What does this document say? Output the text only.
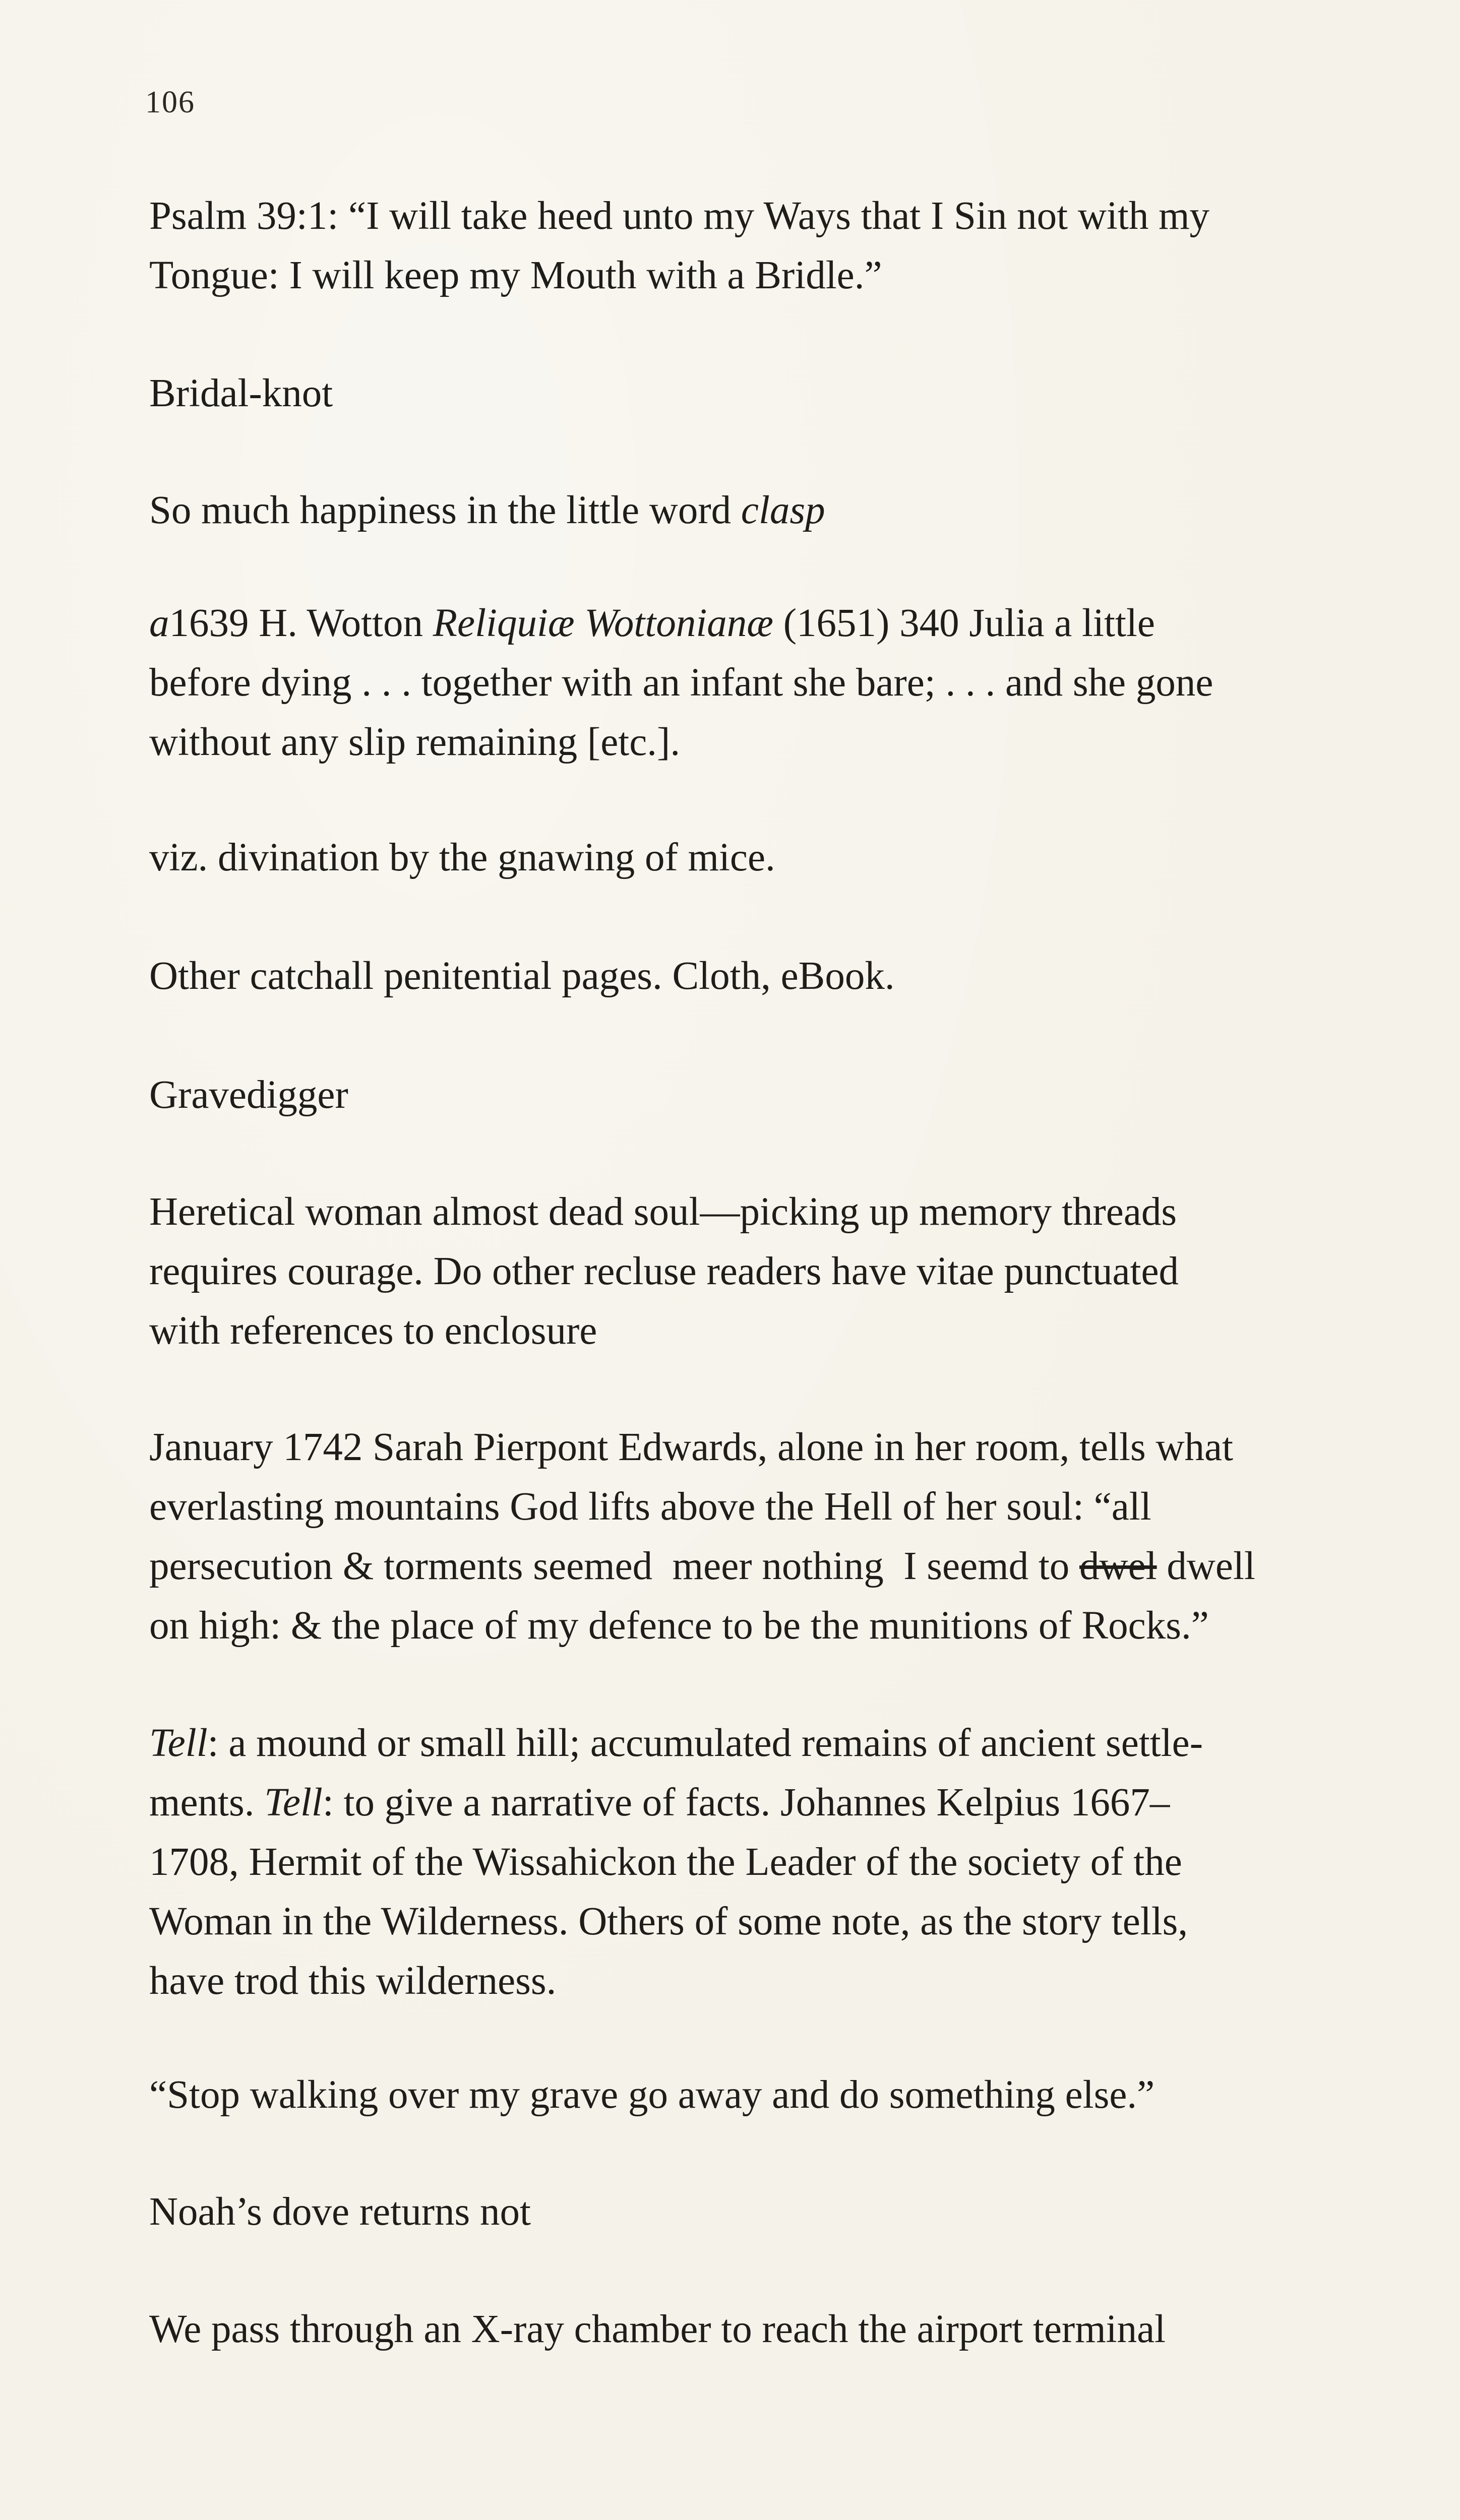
106

Psalm 39:1: “I will take heed unto my Ways that I Sin not with my
Tongue: I will keep my Mouth with a Bridle.”

Bridal-knot

So much happiness in the little word clasp

a1639 H. Wotton Reliquiæ Wottonianæ (1651) 340 Julia a little
before dying . . . together with an infant she bare; . . . and she gone
without any slip remaining [etc.].

viz. divination by the gnawing of mice.

Other catchall penitential pages. Cloth, eBook.

Gravedigger

Heretical woman almost dead soul—picking up memory threads
requires courage. Do other recluse readers have vitae punctuated
with references to enclosure

January 1742 Sarah Pierpont Edwards, alone in her room, tells what
everlasting mountains God lifts above the Hell of her soul: “all
persecution & torments seemed  meer nothing  I seemd to dwel dwell
on high: & the place of my defence to be the munitions of Rocks.”

Tell: a mound or small hill; accumulated remains of ancient settle-
ments. Tell: to give a narrative of facts. Johannes Kelpius 1667–
1708, Hermit of the Wissahickon the Leader of the society of the
Woman in the Wilderness. Others of some note, as the story tells,
have trod this wilderness.

“Stop walking over my grave go away and do something else.”

Noah’s dove returns not

We pass through an X-ray chamber to reach the airport terminal
